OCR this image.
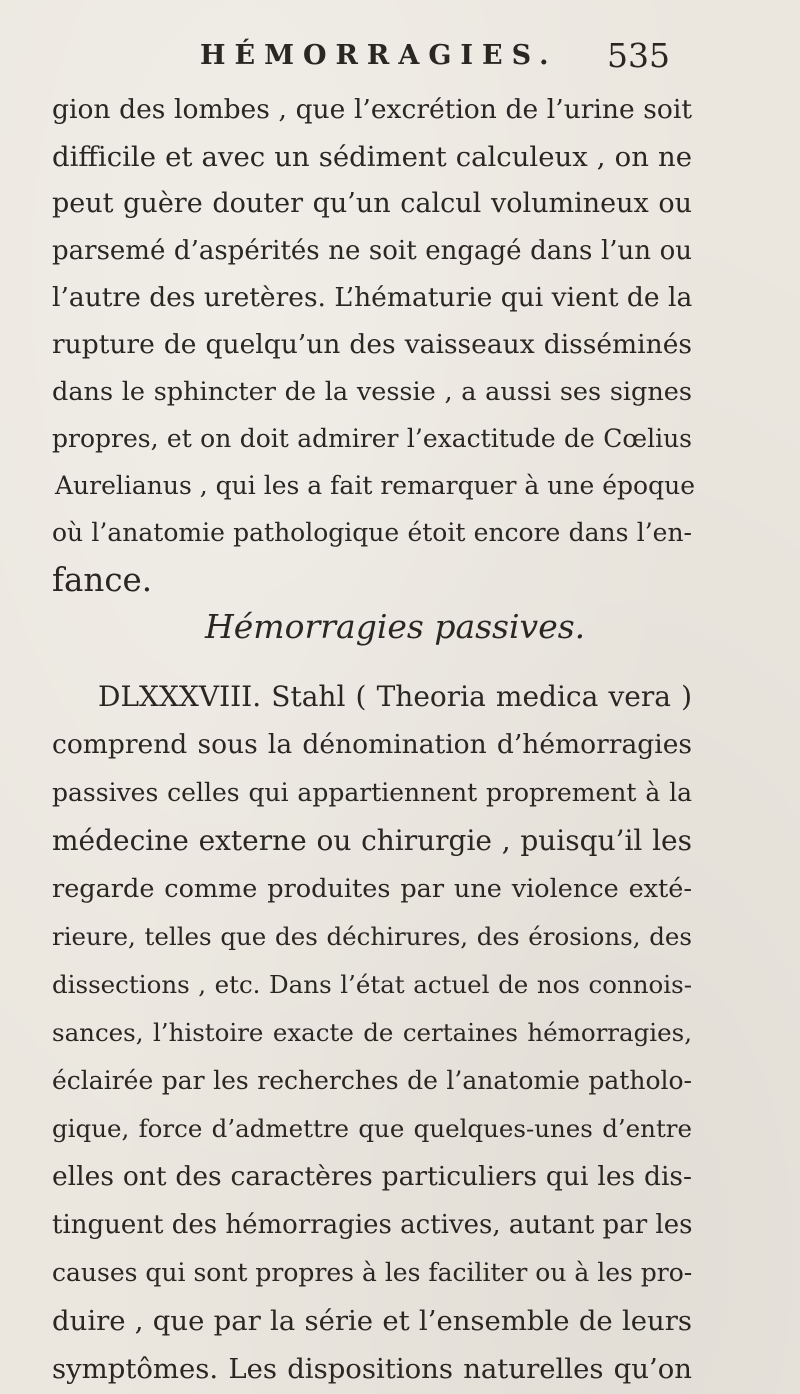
HÉMORRAGIES. 535
gion des lombes , que l’excrétion de l’urine soit
difficile et avec un sédiment calculeux , on ne
peut guère douter qu’un calcul volumineux ou
parsemé d’aspérités ne soit engagé dans l’un ou
l’autre des uretères. L’hématurie qui vient de la
rupture de quelqu’un des vaisseaux disséminés
dans le sphincter de la vessie , a aussi ses signes
propres, et on doit admirer l’exactitude de Cœlius
Aurelianus , qui les a fait remarquer à une époque
où l’anatomie pathologique étoit encore dans l’en-
fance.
Hémorragies passives.
DLXXXVIII. Stahl ( Theoria medica vera )
comprend sous la dénomination d’hémorragies
passives celles qui appartiennent proprement à la
médecine externe ou chirurgie , puisqu’il les
regarde comme produites par une violence exté-
rieure, telles que des déchirures, des érosions, des
dissections , etc. Dans l’état actuel de nos connois-
sances, l’histoire exacte de certaines hémorragies,
éclairée par les recherches de l’anatomie patholo-
gique, force d’admettre que quelques-unes d’entre
elles ont des caractères particuliers qui les dis-
tinguent des hémorragies actives, autant par les
causes qui sont propres à les faciliter ou à les pro-
duire , que par la série et l’ensemble de leurs
symptômes. Les dispositions naturelles qu’on
